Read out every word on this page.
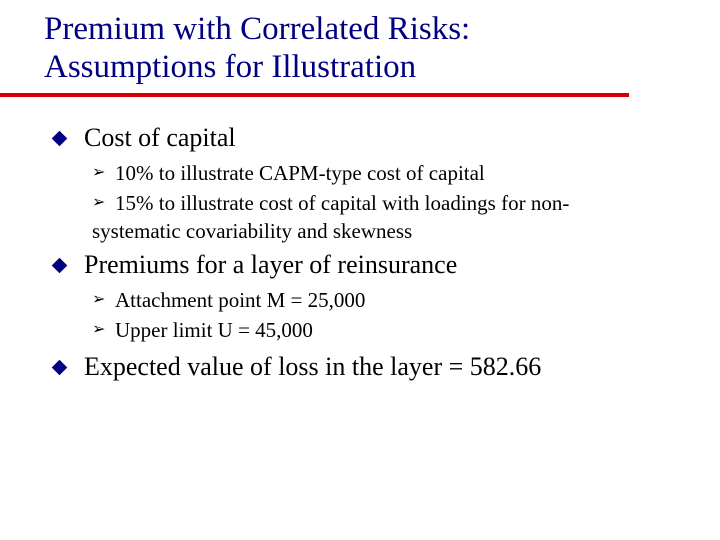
Premium with Correlated Risks:
Assumptions for Illustration
Cost of capital
➢ 10% to illustrate CAPM-type cost of capital
➢ 15% to illustrate cost of capital with loadings for non-
systematic covariability and skewness
Premiums for a layer of reinsurance
➢ Attachment point M = 25,000
➢ Upper limit U = 45,000
Expected value of loss in the layer = 582.66
